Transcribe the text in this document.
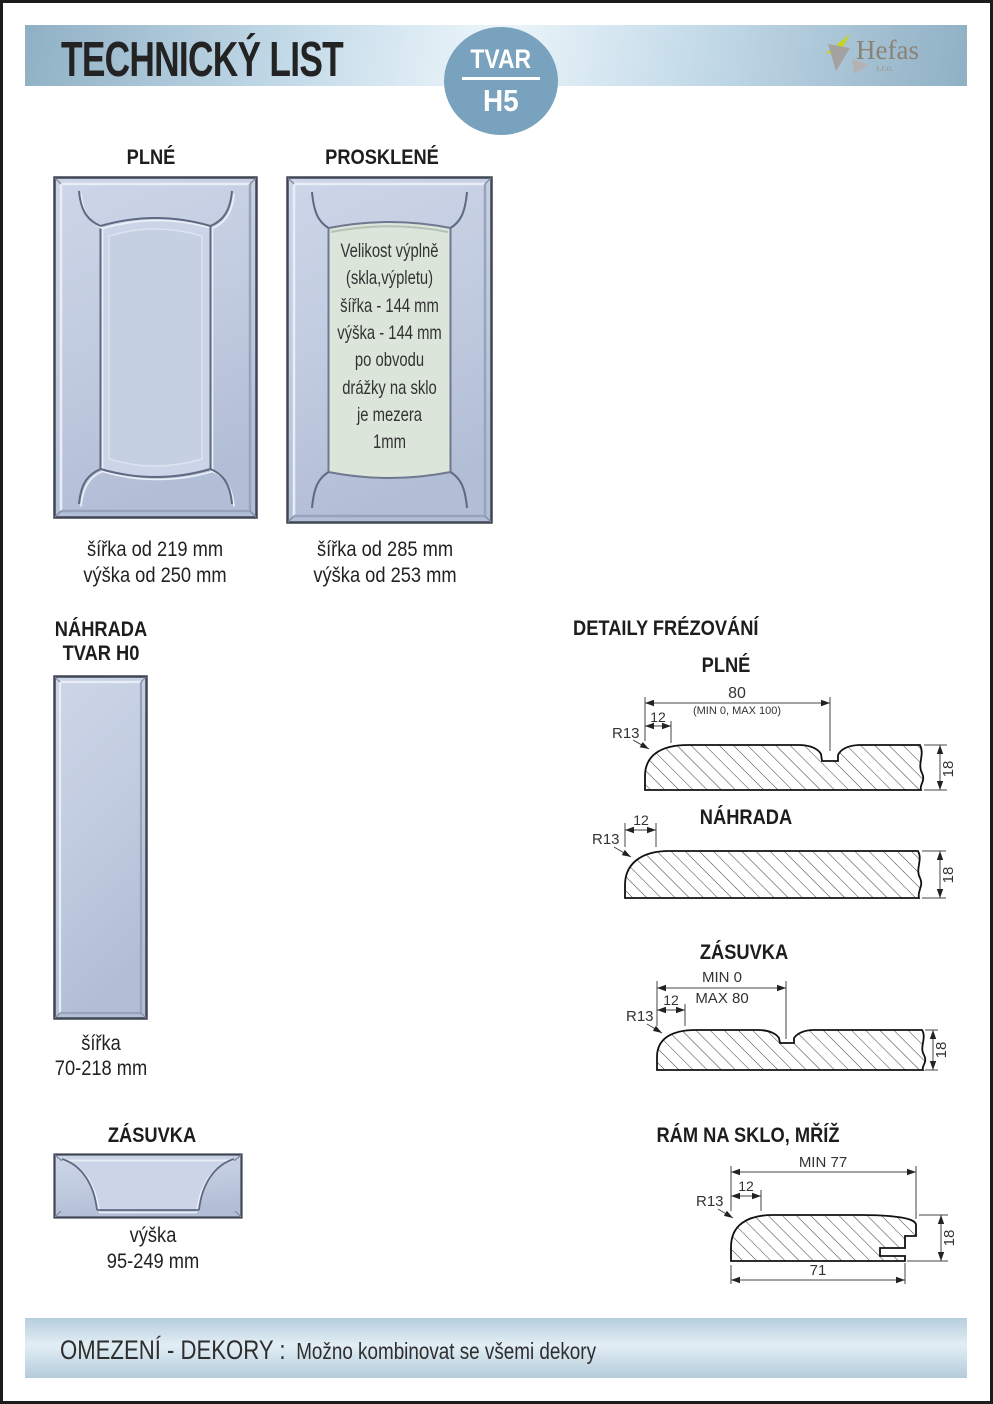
TECHNICKÝ LIST	TVAR
H5
Hefas
s.r.o.
PLNÉ	PROSKLENÉ
Velikost výplně
(skla,výpletu)
šířka - 144 mm
výška - 144 mm
po obvodu
drážky na sklo
je mezera
1mm
šířka od 219 mm
výška od 250 mm
šířka od 285 mm
výška od 253 mm
NÁHRADA
TVAR H0
šířka
70-218 mm
ZÁSUVKA
výška
95-249 mm
DETAILY FRÉZOVÁNÍ
PLNÉ
80
(MIN 0, MAX 100)
12
R13
18
NÁHRADA
12
R13
18
ZÁSUVKA
MIN 0
MAX 80
12
R13
18
RÁM NA SKLO, MŘÍŽ
MIN 77
12
R13
18
71
OMEZENÍ - DEKORY : Možno kombinovat se všemi dekory
